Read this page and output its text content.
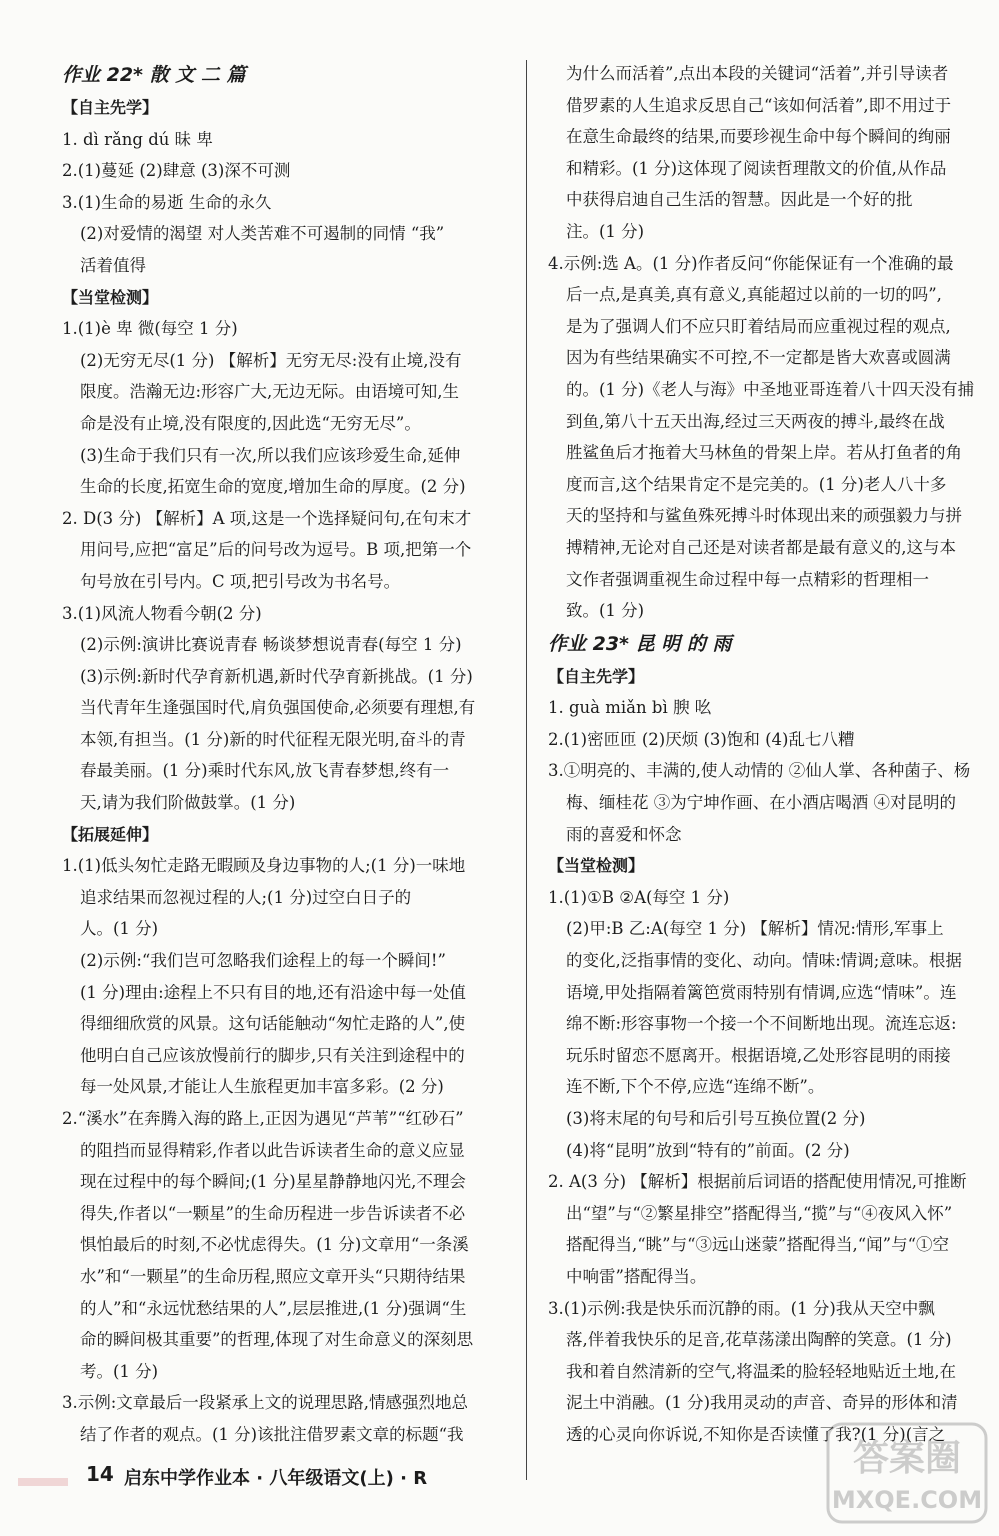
作业 22* 散 文 二 篇
【自主先学】
1. dì rǎng dú 昧 卑
2.(1)蔓延 (2)肆意 (3)深不可测
3.(1)生命的易逝 生命的永久
(2)对爱情的渴望 对人类苦难不可遏制的同情 “我”
活着值得
【当堂检测】
1.(1)è 卑 微(每空 1 分)
(2)无穷无尽(1 分) 【解析】无穷无尽:没有止境,没有
限度。浩瀚无边:形容广大,无边无际。由语境可知,生
命是没有止境,没有限度的,因此选“无穷无尽”。
(3)生命于我们只有一次,所以我们应该珍爱生命,延伸
生命的长度,拓宽生命的宽度,增加生命的厚度。(2 分)
2. D(3 分) 【解析】A 项,这是一个选择疑问句,在句末才
用问号,应把“富足”后的问号改为逗号。B 项,把第一个
句号放在引号内。C 项,把引号改为书名号。
3.(1)风流人物看今朝(2 分)
(2)示例:演讲比赛说青春 畅谈梦想说青春(每空 1 分)
(3)示例:新时代孕育新机遇,新时代孕育新挑战。(1 分)
当代青年生逢强国时代,肩负强国使命,必须要有理想,有
本领,有担当。(1 分)新的时代征程无限光明,奋斗的青
春最美丽。(1 分)乘时代东风,放飞青春梦想,终有一
天,请为我们阶做鼓掌。(1 分)
【拓展延伸】
1.(1)低头匆忙走路无暇顾及身边事物的人;(1 分)一味地
追求结果而忽视过程的人;(1 分)过空白日子的
人。(1 分)
(2)示例:“我们岂可忽略我们途程上的每一个瞬间!”
(1 分)理由:途程上不只有目的地,还有沿途中每一处值
得细细欣赏的风景。这句话能触动“匆忙走路的人”,使
他明白自己应该放慢前行的脚步,只有关注到途程中的
每一处风景,才能让人生旅程更加丰富多彩。(2 分)
2.“溪水”在奔腾入海的路上,正因为遇见“芦苇”“红砂石”
的阻挡而显得精彩,作者以此告诉读者生命的意义应显
现在过程中的每个瞬间;(1 分)星星静静地闪光,不理会
得失,作者以“一颗星”的生命历程进一步告诉读者不必
惧怕最后的时刻,不必忧虑得失。(1 分)文章用“一条溪
水”和“一颗星”的生命历程,照应文章开头“只期待结果
的人”和“永远忧愁结果的人”,层层推进,(1 分)强调“生
命的瞬间极其重要”的哲理,体现了对生命意义的深刻思
考。(1 分)
3.示例:文章最后一段紧承上文的说理思路,情感强烈地总
结了作者的观点。(1 分)该批注借罗素文章的标题“我
为什么而活着”,点出本段的关键词“活着”,并引导读者
借罗素的人生追求反思自己“该如何活着”,即不用过于
在意生命最终的结果,而要珍视生命中每个瞬间的绚丽
和精彩。(1 分)这体现了阅读哲理散文的价值,从作品
中获得启迪自己生活的智慧。因此是一个好的批
注。(1 分)
4.示例:选 A。(1 分)作者反问“你能保证有一个准确的最
后一点,是真美,真有意义,真能超过以前的一切的吗”,
是为了强调人们不应只盯着结局而应重视过程的观点,
因为有些结果确实不可控,不一定都是皆大欢喜或圆满
的。(1 分)《老人与海》中圣地亚哥连着八十四天没有捕
到鱼,第八十五天出海,经过三天两夜的搏斗,最终在战
胜鲨鱼后才拖着大马林鱼的骨架上岸。若从打鱼者的角
度而言,这个结果肯定不是完美的。(1 分)老人八十多
天的坚持和与鲨鱼殊死搏斗时体现出来的顽强毅力与拼
搏精神,无论对自己还是对读者都是最有意义的,这与本
文作者强调重视生命过程中每一点精彩的哲理相一
致。(1 分)
作业 23* 昆 明 的 雨
【自主先学】
1. guà miǎn bì 腴 吆
2.(1)密匝匝 (2)厌烦 (3)饱和 (4)乱七八糟
3.①明亮的、丰满的,使人动情的 ②仙人掌、各种菌子、杨
梅、缅桂花 ③为宁坤作画、在小酒店喝酒 ④对昆明的
雨的喜爱和怀念
【当堂检测】
1.(1)①B ②A(每空 1 分)
(2)甲:B 乙:A(每空 1 分) 【解析】情况:情形,军事上
的变化,泛指事情的变化、动向。情味:情调;意味。根据
语境,甲处指隔着篱笆赏雨特别有情调,应选“情味”。连
绵不断:形容事物一个接一个不间断地出现。流连忘返:
玩乐时留恋不愿离开。根据语境,乙处形容昆明的雨接
连不断,下个不停,应选“连绵不断”。
(3)将末尾的句号和后引号互换位置(2 分)
(4)将“昆明”放到“特有的”前面。(2 分)
2. A(3 分) 【解析】根据前后词语的搭配使用情况,可推断
出“望”与“②繁星排空”搭配得当,“揽”与“④夜风入怀”
搭配得当,“眺”与“③远山迷蒙”搭配得当,“闻”与“①空
中响雷”搭配得当。
3.(1)示例:我是快乐而沉静的雨。(1 分)我从天空中飘
落,伴着我快乐的足音,花草荡漾出陶醉的笑意。(1 分)
我和着自然清新的空气,将温柔的脸轻轻地贴近土地,在
泥土中消融。(1 分)我用灵动的声音、奇异的形体和清
透的心灵向你诉说,不知你是否读懂了我?(1 分)(言之
14 启东中学作业本 · 八年级语文(上) · R	答案圈
MXQE.COM
